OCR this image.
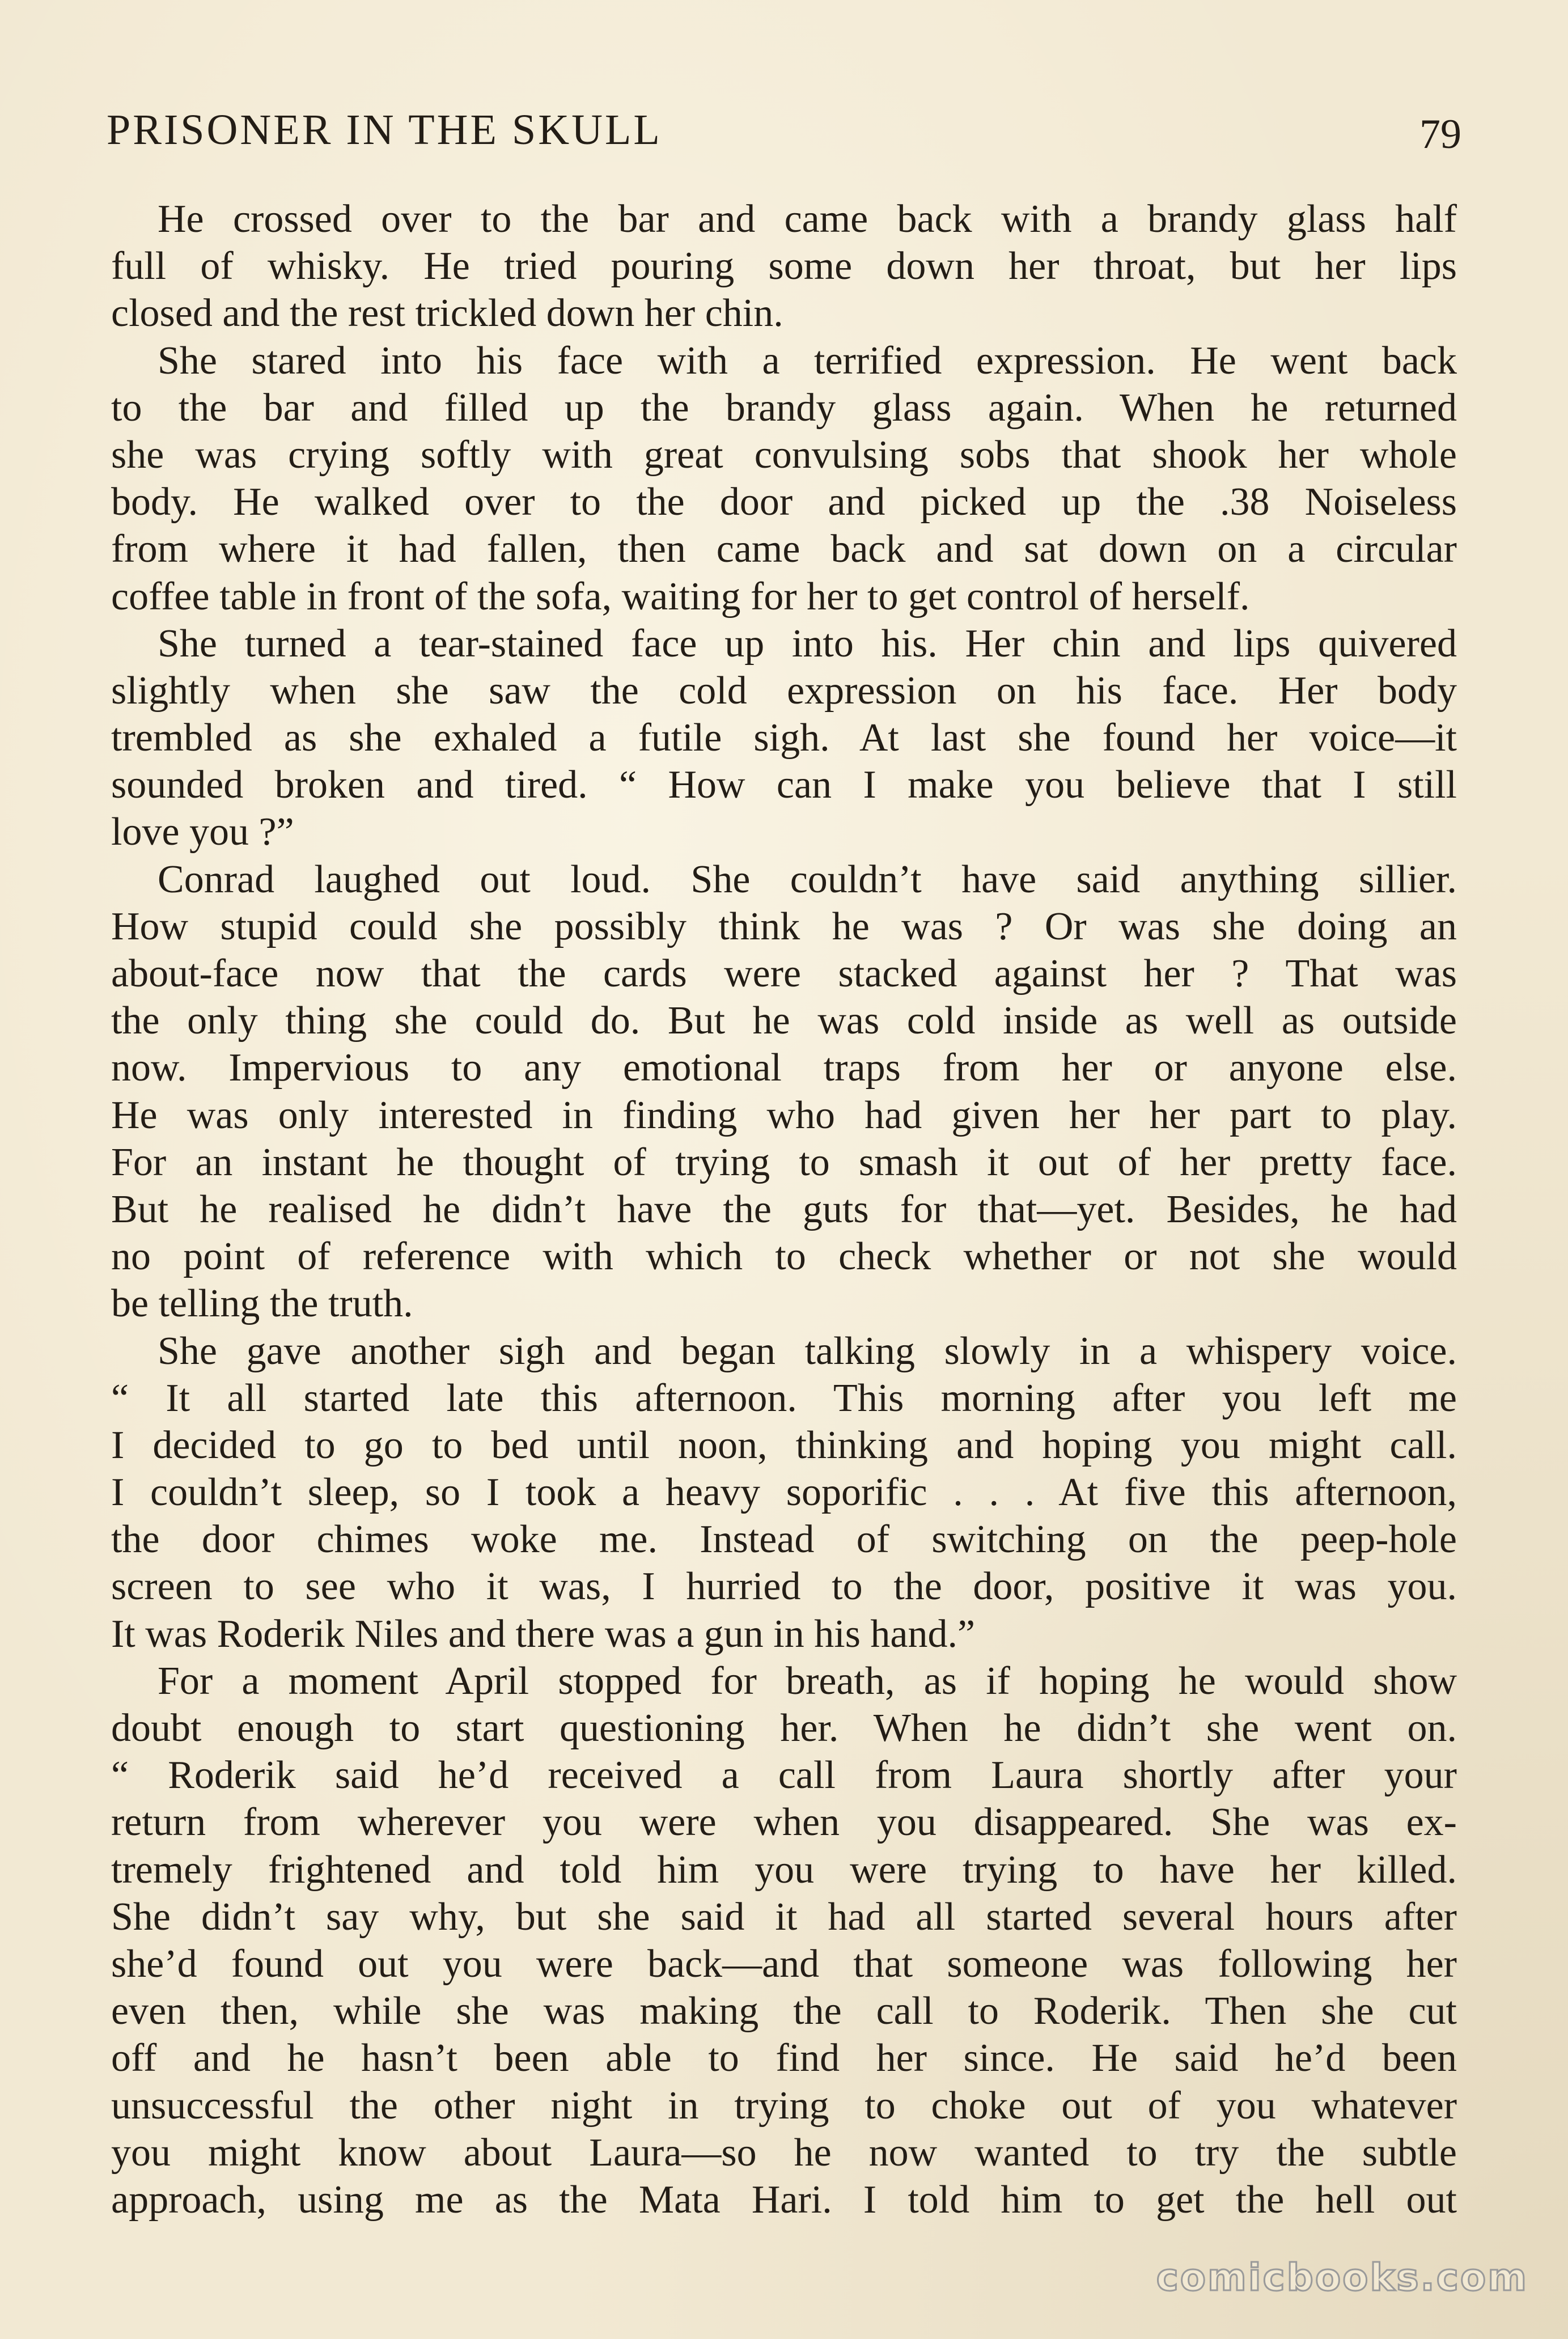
PRISONER IN THE SKULL	79
He crossed over to the bar and came back with a brandy glass half
full of whisky. He tried pouring some down her throat, but her lips
closed and the rest trickled down her chin.
She stared into his face with a terrified expression. He went back
to the bar and filled up the brandy glass again. When he returned
she was crying softly with great convulsing sobs that shook her whole
body. He walked over to the door and picked up the .38 Noiseless
from where it had fallen, then came back and sat down on a circular
coffee table in front of the sofa, waiting for her to get control of herself.
She turned a tear-stained face up into his. Her chin and lips quivered
slightly when she saw the cold expression on his face. Her body
trembled as she exhaled a futile sigh. At last she found her voice—it
sounded broken and tired. “ How can I make you believe that I still
love you ?”
Conrad laughed out loud. She couldn’t have said anything sillier.
How stupid could she possibly think he was ? Or was she doing an
about-face now that the cards were stacked against her ? That was
the only thing she could do. But he was cold inside as well as outside
now. Impervious to any emotional traps from her or anyone else.
He was only interested in finding who had given her her part to play.
For an instant he thought of trying to smash it out of her pretty face.
But he realised he didn’t have the guts for that—yet. Besides, he had
no point of reference with which to check whether or not she would
be telling the truth.
She gave another sigh and began talking slowly in a whispery voice.
“ It all started late this afternoon. This morning after you left me
I decided to go to bed until noon, thinking and hoping you might call.
I couldn’t sleep, so I took a heavy soporific . . . At five this afternoon,
the door chimes woke me. Instead of switching on the peep-hole
screen to see who it was, I hurried to the door, positive it was you.
It was Roderik Niles and there was a gun in his hand.”
For a moment April stopped for breath, as if hoping he would show
doubt enough to start questioning her. When he didn’t she went on.
“ Roderik said he’d received a call from Laura shortly after your
return from wherever you were when you disappeared. She was ex-
tremely frightened and told him you were trying to have her killed.
She didn’t say why, but she said it had all started several hours after
she’d found out you were back—and that someone was following her
even then, while she was making the call to Roderik. Then she cut
off and he hasn’t been able to find her since. He said he’d been
unsuccessful the other night in trying to choke out of you whatever
you might know about Laura—so he now wanted to try the subtle
approach, using me as the Mata Hari. I told him to get the hell out
comicbooks.com
